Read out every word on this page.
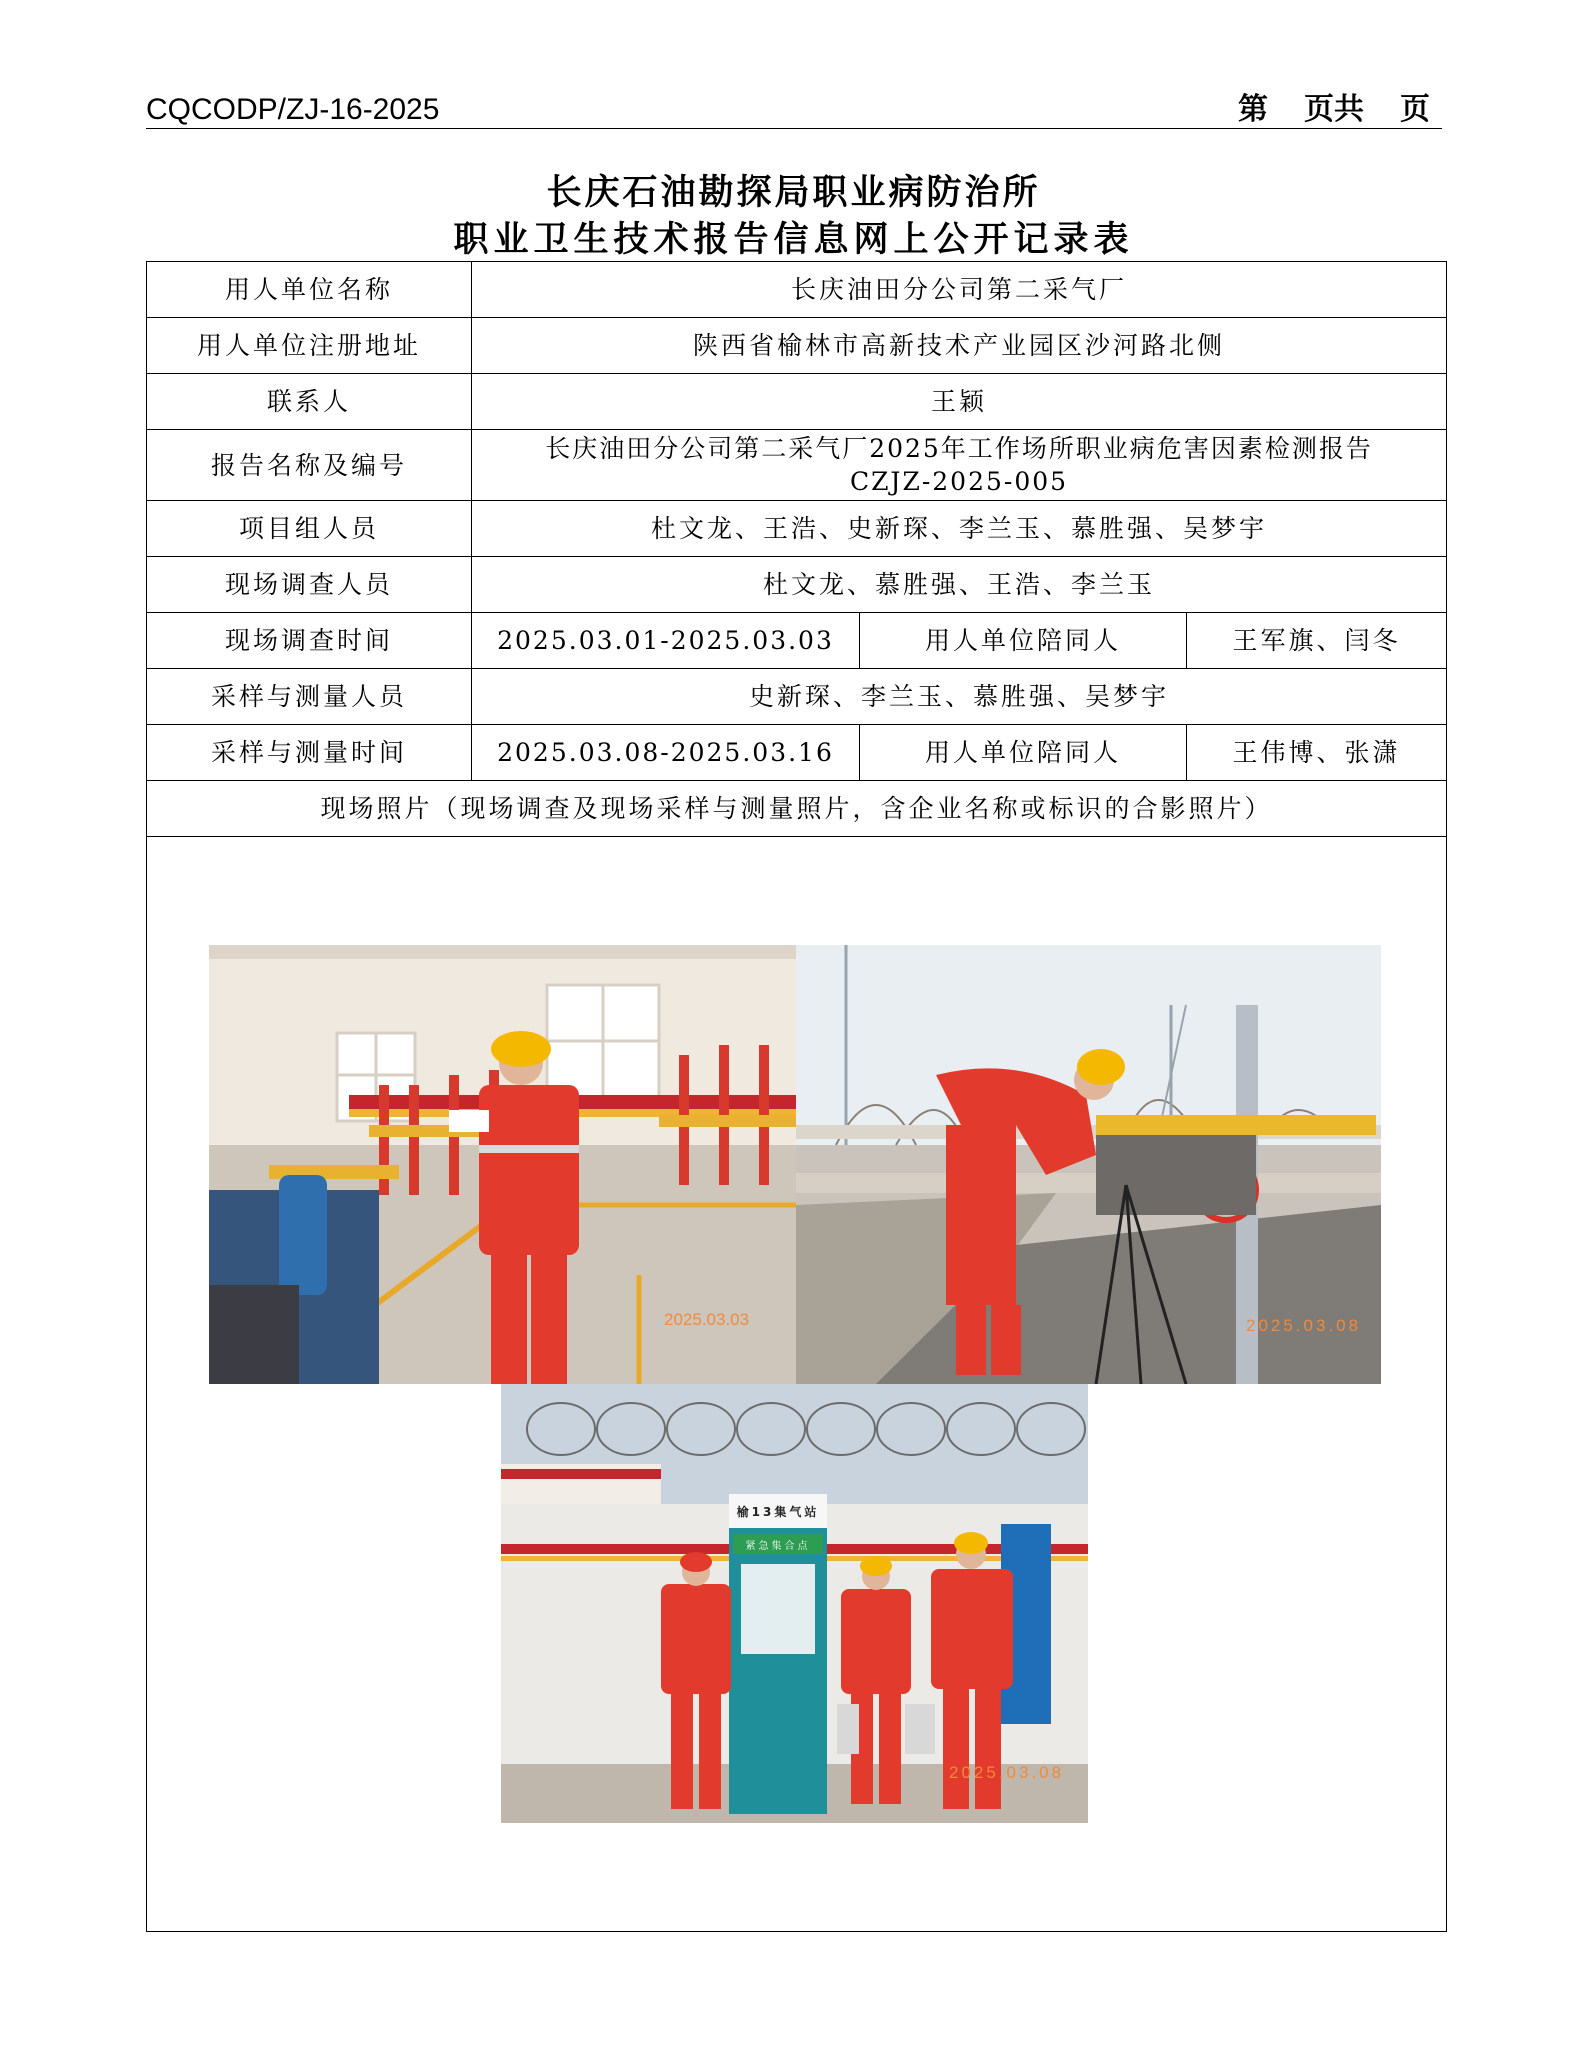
CQCODP/ZJ-16-2025	第 页共 页
长庆石油勘探局职业病防治所
职业卫生技术报告信息网上公开记录表
用人单位名称	长庆油田分公司第二采气厂		
用人单位注册地址	陕西省榆林市高新技术产业园区沙河路北侧		
联系人	王颖		
报告名称及编号	长庆油田分公司第二采气厂2025年工作场所职业病危害因素检测报告
CZJZ-2025-005		

项目组人员	杜文龙、王浩、史新琛、李兰玉、慕胜强、吴梦宇		
现场调查人员	杜文龙、慕胜强、王浩、李兰玉		
现场调查时间	2025.03.01-2025.03.03	用人单位陪同人	王军旗、闫冬
采样与测量人员	史新琛、李兰玉、慕胜强、吴梦宇		
采样与测量时间	2025.03.08-2025.03.16	用人单位陪同人	王伟博、张潇
现场照片（现场调查及现场采样与测量照片，含企业名称或标识的合影照片）			

2025.03.03 2025.03.08
榆13集气站
紧急集合点
2025.03.08			
